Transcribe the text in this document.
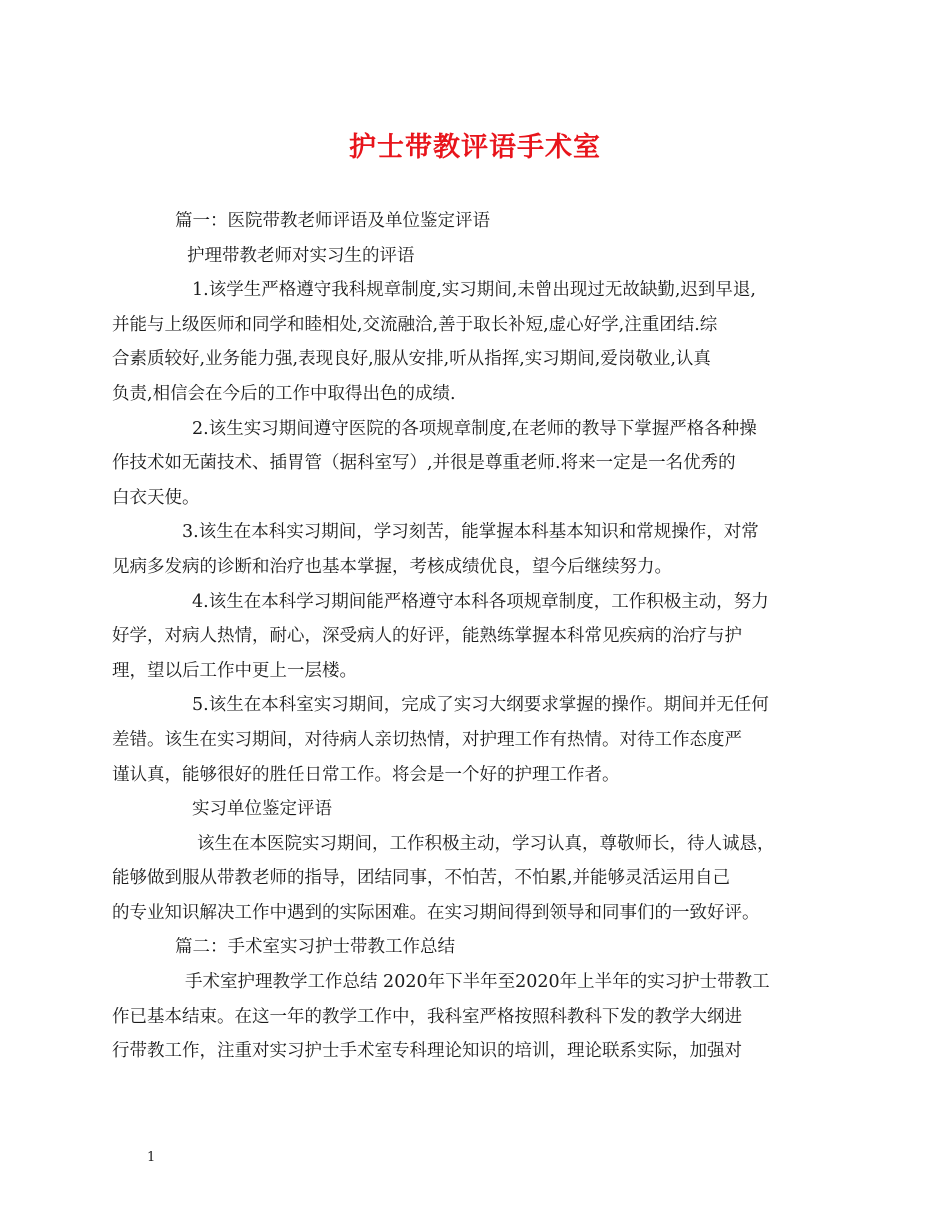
护士带教评语手术室
篇一：医院带教老师评语及单位鉴定评语
护理带教老师对实习生的评语
1.该学生严格遵守我科规章制度,实习期间,未曾出现过无故缺勤,迟到早退,
并能与上级医师和同学和睦相处,交流融洽,善于取长补短,虚心好学,注重团结.综
合素质较好,业务能力强,表现良好,服从安排,听从指挥,实习期间,爱岗敬业,认真
负责,相信会在今后的工作中取得出色的成绩.
2.该生实习期间遵守医院的各项规章制度,在老师的教导下掌握严格各种操
作技术如无菌技术、插胃管（据科室写）,并很是尊重老师.将来一定是一名优秀的
白衣天使。
3.该生在本科实习期间，学习刻苦，能掌握本科基本知识和常规操作，对常
见病多发病的诊断和治疗也基本掌握，考核成绩优良，望今后继续努力。
4.该生在本科学习期间能严格遵守本科各项规章制度，工作积极主动，努力
好学，对病人热情，耐心，深受病人的好评，能熟练掌握本科常见疾病的治疗与护
理，望以后工作中更上一层楼。
5.该生在本科室实习期间，完成了实习大纲要求掌握的操作。期间并无任何
差错。该生在实习期间，对待病人亲切热情，对护理工作有热情。对待工作态度严
谨认真，能够很好的胜任日常工作。将会是一个好的护理工作者。
实习单位鉴定评语
该生在本医院实习期间，工作积极主动，学习认真，尊敬师长，待人诚恳，
能够做到服从带教老师的指导，团结同事，不怕苦，不怕累,并能够灵活运用自己
的专业知识解决工作中遇到的实际困难。在实习期间得到领导和同事们的一致好评。
篇二：手术室实习护士带教工作总结
手术室护理教学工作总结 2020年下半年至2020年上半年的实习护士带教工
作已基本结束。在这一年的教学工作中，我科室严格按照科教科下发的教学大纲进
行带教工作，注重对实习护士手术室专科理论知识的培训，理论联系实际，加强对
1
